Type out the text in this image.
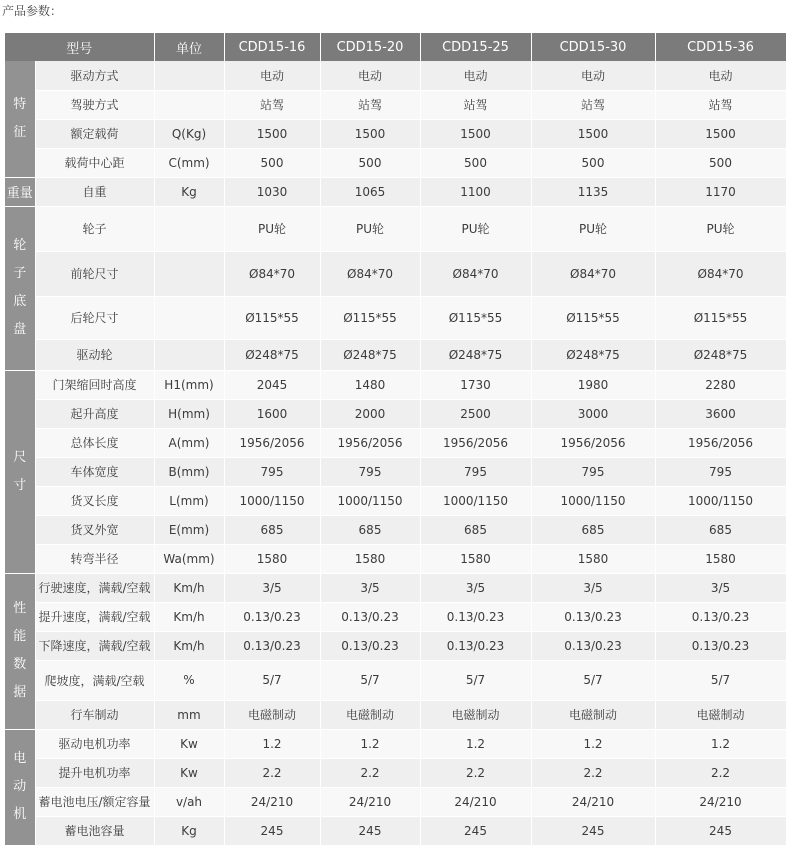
产品参数：
型号		单位	CDD15-16	CDD15-20	CDD15-25	CDD15-30	CDD15-36
特
征	驱动方式		电动	电动	电动	电动	电动
	驾驶方式		站驾	站驾	站驾	站驾	站驾
	额定载荷	Q(Kg)	1500	1500	1500	1500	1500
	载荷中心距	C(mm)	500	500	500	500	500
重量	自重	Kg	1030	1065	1100	1135	1170
轮
子
底
盘	轮子		PU轮	PU轮	PU轮	PU轮	PU轮
	前轮尺寸		Ø84*70	Ø84*70	Ø84*70	Ø84*70	Ø84*70
	后轮尺寸		Ø115*55	Ø115*55	Ø115*55	Ø115*55	Ø115*55
	驱动轮		Ø248*75	Ø248*75	Ø248*75	Ø248*75	Ø248*75
尺
寸	门架缩回时高度	H1(mm)	2045	1480	1730	1980	2280
	起升高度	H(mm)	1600	2000	2500	3000	3600
	总体长度	A(mm)	1956/2056	1956/2056	1956/2056	1956/2056	1956/2056
	车体宽度	B(mm)	795	795	795	795	795
	货叉长度	L(mm)	1000/1150	1000/1150	1000/1150	1000/1150	1000/1150
	货叉外宽	E(mm)	685	685	685	685	685
	转弯半径	Wa(mm)	1580	1580	1580	1580	1580
性
能
数
据	行驶速度，满载/空载	Km/h	3/5	3/5	3/5	3/5	3/5
	提升速度，满载/空载	Km/h	0.13/0.23	0.13/0.23	0.13/0.23	0.13/0.23	0.13/0.23
	下降速度，满载/空载	Km/h	0.13/0.23	0.13/0.23	0.13/0.23	0.13/0.23	0.13/0.23
	爬坡度，满载/空载	%	5/7	5/7	5/7	5/7	5/7
	行车制动	mm	电磁制动	电磁制动	电磁制动	电磁制动	电磁制动
电
动
机	驱动电机功率	Kw	1.2	1.2	1.2	1.2	1.2
	提升电机功率	Kw	2.2	2.2	2.2	2.2	2.2
	蓄电池电压/额定容量	v/ah	24/210	24/210	24/210	24/210	24/210
	蓄电池容量	Kg	245	245	245	245	245
